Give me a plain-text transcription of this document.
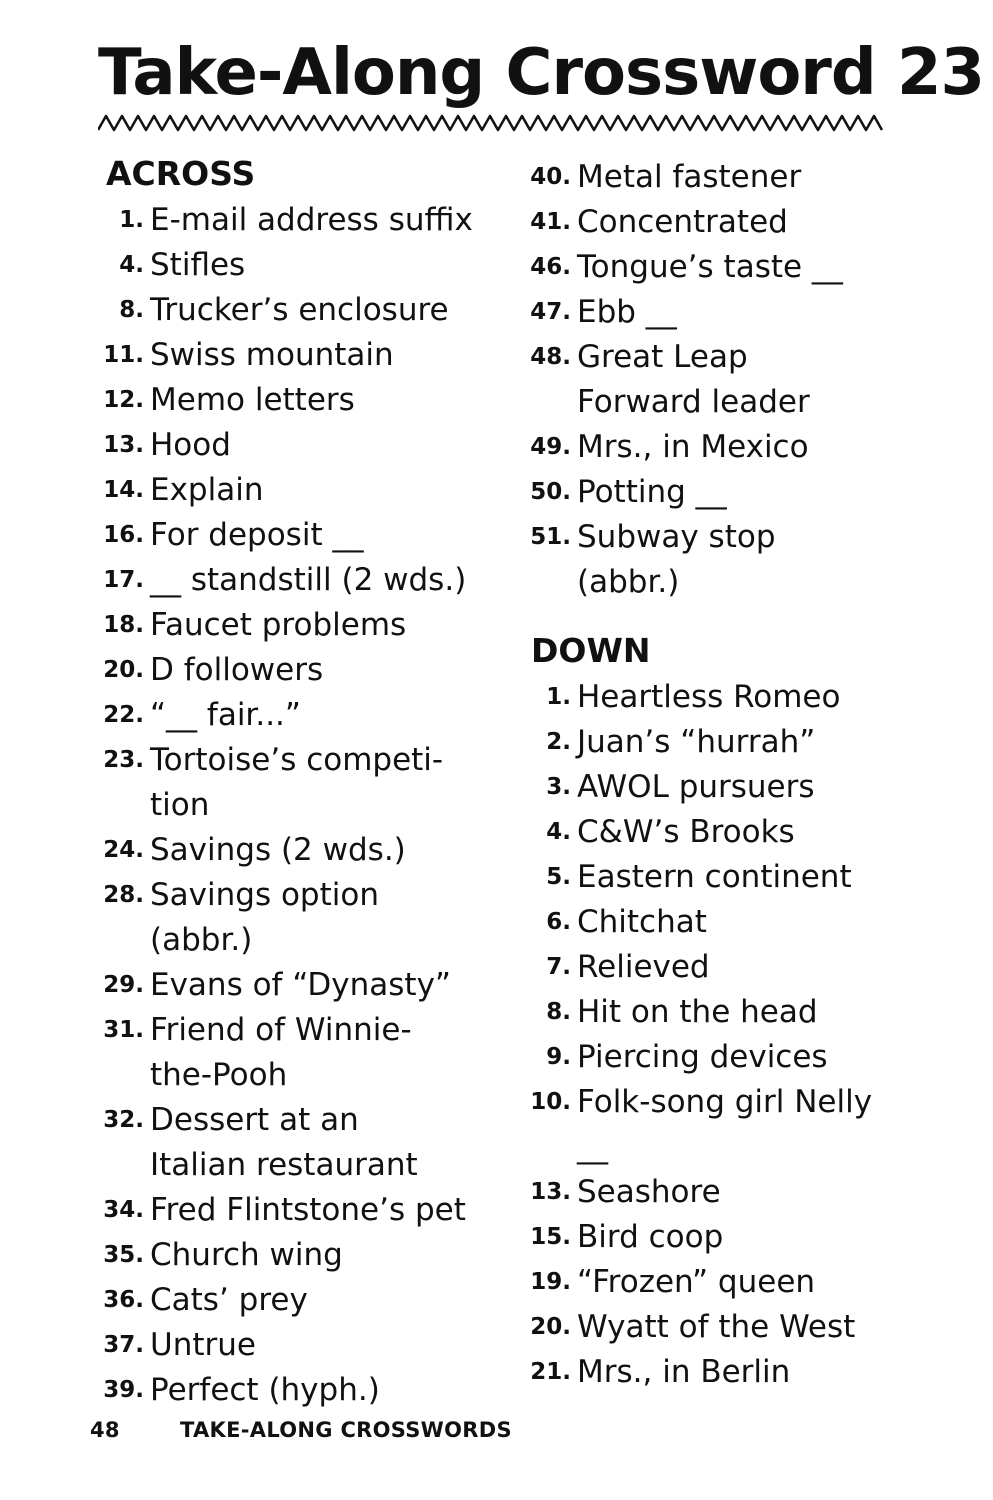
Take-Along Crossword 23
ACROSS
1. E-mail address suffix
4. Stifles
8. Trucker’s enclosure
11. Swiss mountain
12. Memo letters
13. Hood
14. Explain
16. For deposit __
17. __ standstill (2 wds.)
18. Faucet problems
20. D followers
22. “__ fair...”
23. Tortoise’s competi-
tion
24. Savings (2 wds.)
28. Savings option
(abbr.)
29. Evans of “Dynasty”
31. Friend of Winnie-
the-Pooh
32. Dessert at an
Italian restaurant
34. Fred Flintstone’s pet
35. Church wing
36. Cats’ prey
37. Untrue
39. Perfect (hyph.)
40. Metal fastener
41. Concentrated
46. Tongue’s taste __
47. Ebb __
48. Great Leap
Forward leader
49. Mrs., in Mexico
50. Potting __
51. Subway stop
(abbr.)
DOWN
1. Heartless Romeo
2. Juan’s “hurrah”
3. AWOL pursuers
4. C&W’s Brooks
5. Eastern continent
6. Chitchat
7. Relieved
8. Hit on the head
9. Piercing devices
10. Folk-song girl Nelly
__
13. Seashore
15. Bird coop
19. “Frozen” queen
20. Wyatt of the West
21. Mrs., in Berlin
48	TAKE-ALONG CROSSWORDS
